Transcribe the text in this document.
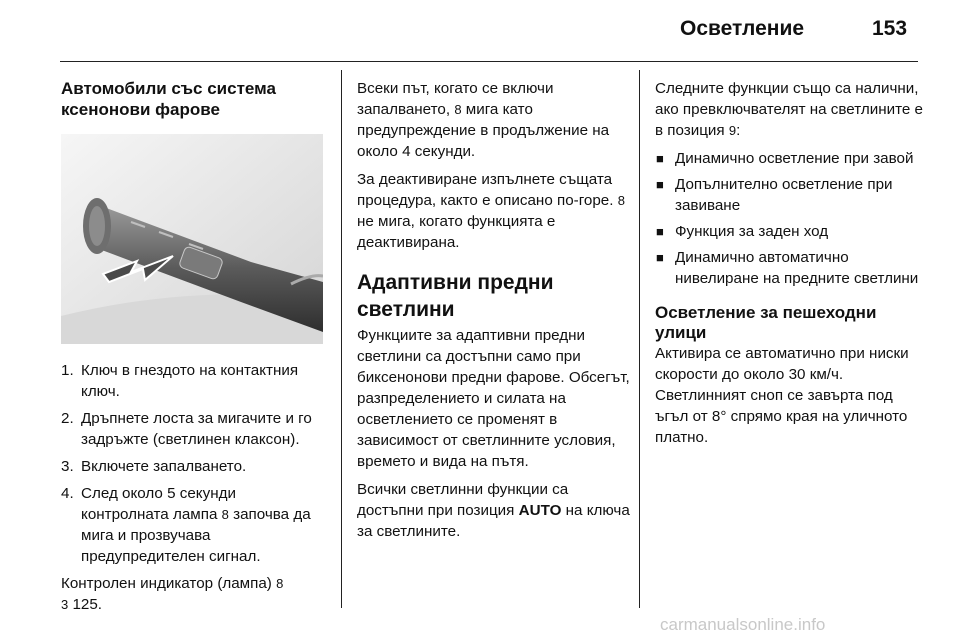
Осветление	153
Автомобили със система ксенонови фарове
1. Ключ в гнездото на контактния ключ.
2. Дръпнете лоста за мигачите и го задръжте (светлинен клаксон).
3. Включете запалването.
4. След около 5 секунди контролната лампа 8 започва да мига и прозвучава предупредителен сигнал.

Контролен индикатор (лампа) 8
3 125.

Всеки път, когато се включи запалването, 8 мига като предупреждение в продължение на около 4 секунди.

За деактивиране изпълнете същата процедура, както е описано по-горе. 8 не мига, когато функцията е деактивирана.

Адаптивни предни светлини

Функциите за адаптивни предни светлини са достъпни само при биксенонови предни фарове. Обсегът, разпределението и силата на осветлението се променят в зависимост от светлинните условия, времето и вида на пътя.

Всички светлинни функции са достъпни при позиция AUTO на ключа за светлините.

Следните функции също са налични, ако превключвателят на светлините е в позиция 9:

■ Динамично осветление при завой
■ Допълнително осветление при завиване
■ Функция за заден ход
■ Динамично автоматично нивелиране на предните светлини
Осветление за пешеходни улици

Активира се автоматично при ниски скорости до около 30 км/ч. Светлинният сноп се завърта под ъгъл от 8° спрямо края на уличното платно.

carmanualsonline.info
